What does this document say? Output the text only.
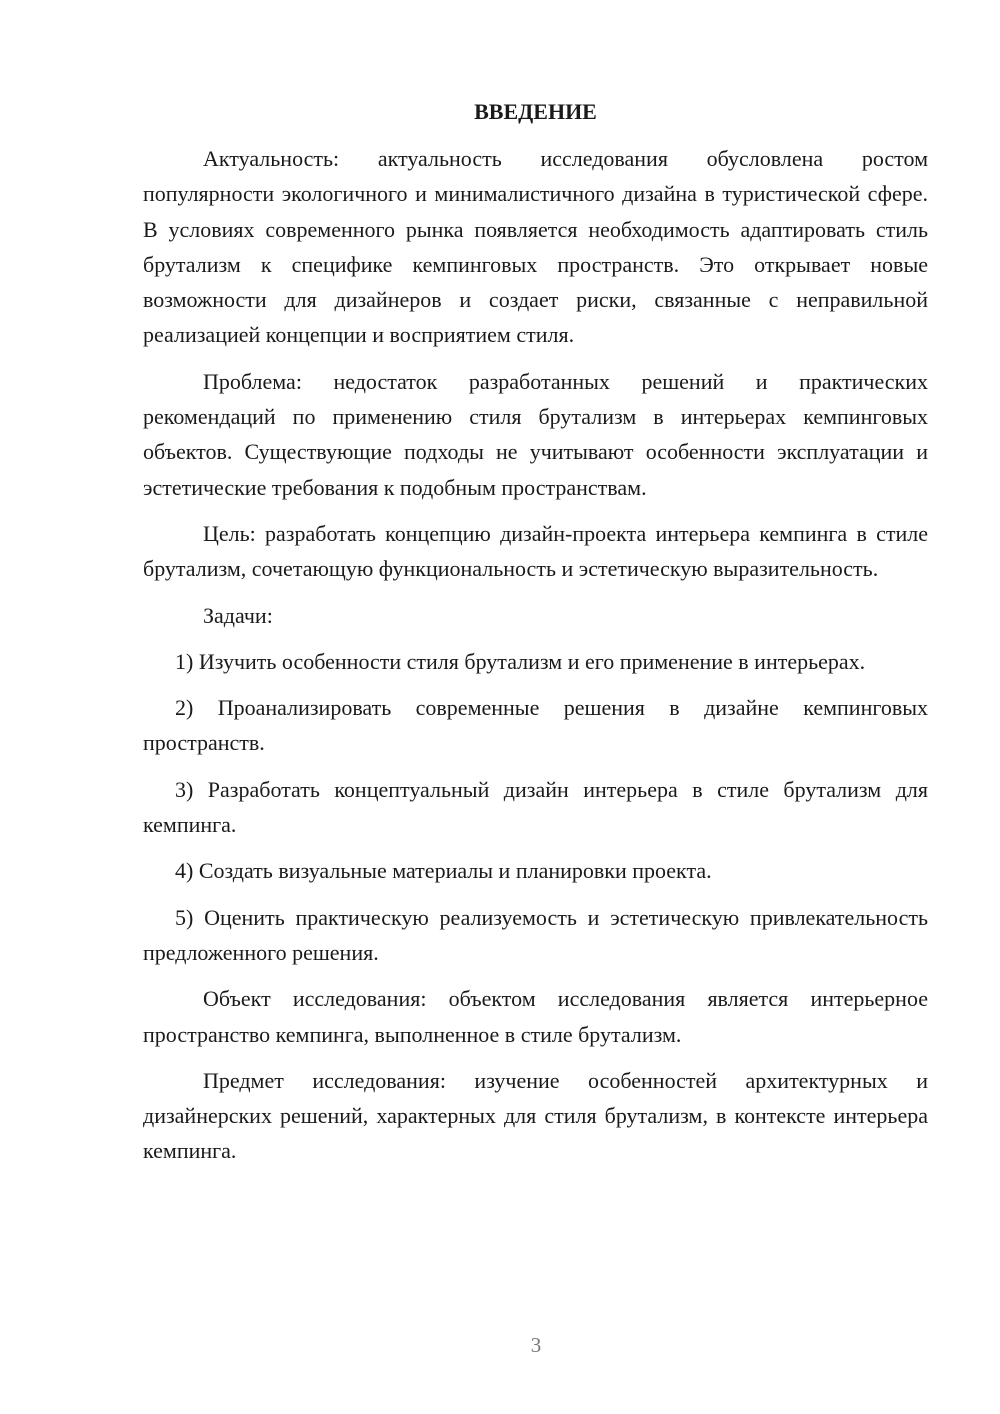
ВВЕДЕНИЕ

Актуальность: актуальность исследования обусловлена ростом популярности экологичного и минималистичного дизайна в туристической сфере. В условиях современного рынка появляется необходимость адаптировать стиль брутализм к специфике кемпинговых пространств. Это открывает новые возможности для дизайнеров и создает риски, связанные с неправильной реализацией концепции и восприятием стиля.

Проблема: недостаток разработанных решений и практических рекомендаций по применению стиля брутализм в интерьерах кемпинговых объектов. Существующие подходы не учитывают особенности эксплуатации и эстетические требования к подобным пространствам.

Цель: разработать концепцию дизайн-проекта интерьера кемпинга в стиле брутализм, сочетающую функциональность и эстетическую выразительность.

Задачи:

1) Изучить особенности стиля брутализм и его применение в интерьерах.

2) Проанализировать современные решения в дизайне кемпинговых пространств.

3) Разработать концептуальный дизайн интерьера в стиле брутализм для кемпинга.

4) Создать визуальные материалы и планировки проекта.

5) Оценить практическую реализуемость и эстетическую привлекательность предложенного решения.

Объект исследования: объектом исследования является интерьерное пространство кемпинга, выполненное в стиле брутализм.

Предмет исследования: изучение особенностей архитектурных и дизайнерских решений, характерных для стиля брутализм, в контексте интерьера кемпинга.

3
